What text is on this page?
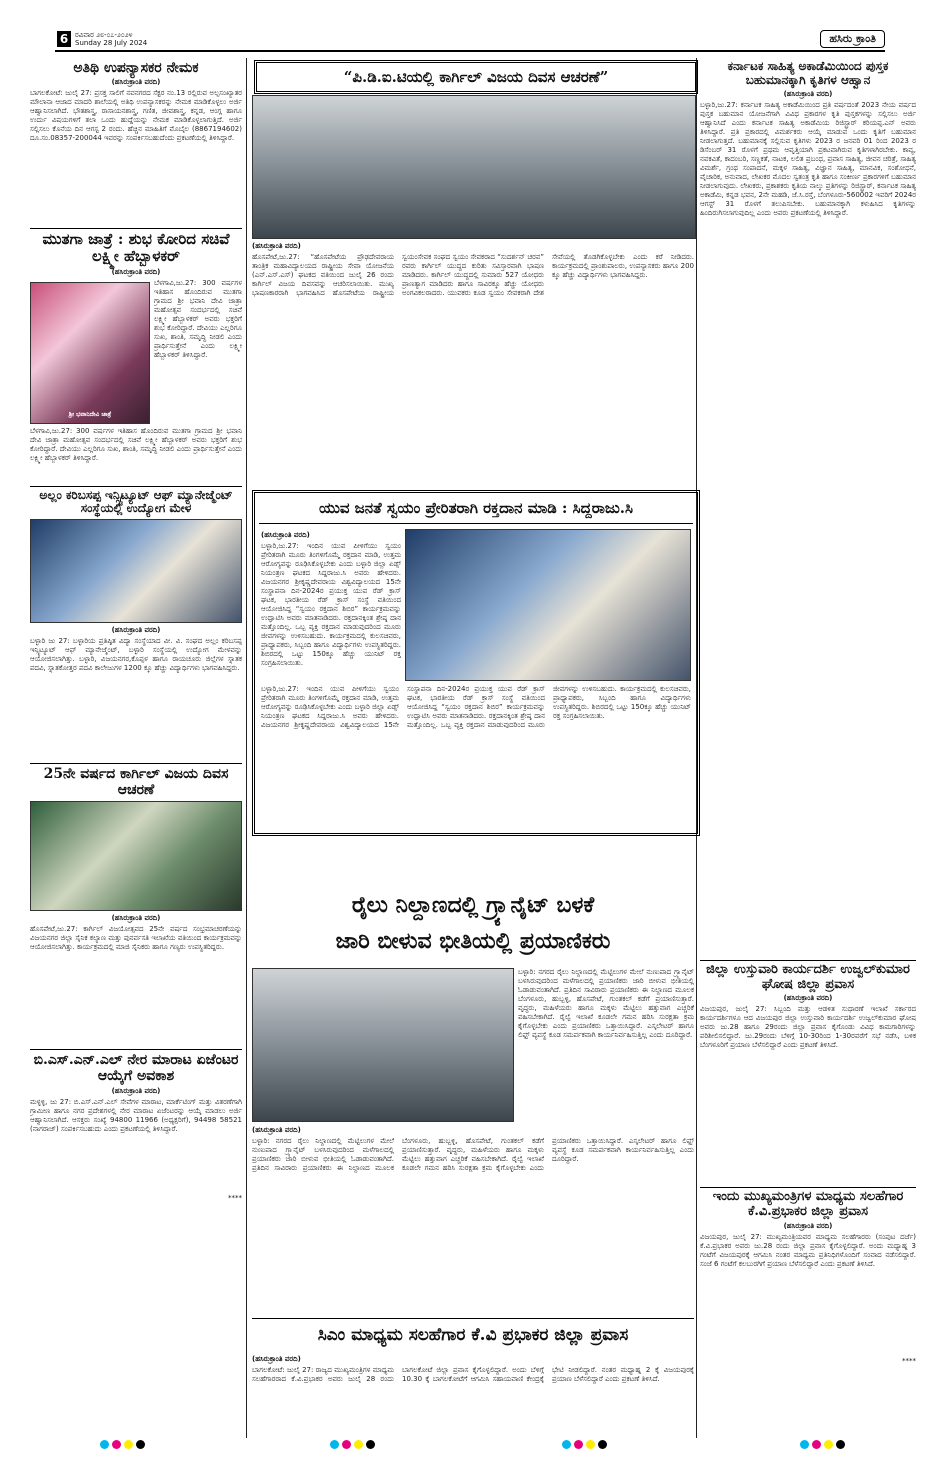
6 ರವಿವಾರ ೨೮-೦೭-೨೦೨೪
Sunday 28 July 2024	ಹಸಿರು ಕ್ರಾಂತಿ
ಅತಿಥಿ ಉಪನ್ಯಾಸಕರ ನೇಮಕ
(ಹಸಿರುಕ್ರಾಂತಿ ವರದಿ)

ಬಾಗಲಕೋಟೆ: ಜುಲೈ 27: ಪ್ರಸಕ್ತ ಸಾಲಿಗೆ ನವನಗರದ ಸೆಕ್ಟರ ನಂ.13 ರಲ್ಲಿರುವ ಅಲ್ಪಸಂಖ್ಯಾತರ ಮೌಲಾನಾ ಆಜಾದ ಮಾದರಿ ಶಾಲೆಯಲ್ಲಿ ಅತಿಥಿ ಉಪನ್ಯಾಸಕರನ್ನು ನೇಮಕ ಮಾಡಿಕೊಳ್ಳಲು ಅರ್ಜಿ ಆಹ್ವಾನಿಸಲಾಗಿದೆ. ಭೌತಶಾಸ್ತ್ರ, ರಾಸಾಯನಶಾಸ್ತ್ರ, ಗಣಿತ, ಜೀವಶಾಸ್ತ್ರ, ಕನ್ನಡ, ಆಂಗ್ಲ ಹಾಗೂ ಉರ್ದು ವಿಷಯಗಳಿಗೆ ತಲಾ ಒಂದು ಹುದ್ದೆಯನ್ನು ನೇಮಕ ಮಾಡಿಕೊಳ್ಳಲಾಗುತ್ತಿದೆ. ಅರ್ಜಿ ಸಲ್ಲಿಸಲು ಕೊನೆಯ ದಿನ ಆಗಸ್ಟ 2 ರಂದು. ಹೆಚ್ಚಿನ ಮಾಹಿತಿಗೆ ಮೊಬೈಲ (8867194602) ದೂ.ಸಂ.08357-200044 ಇವರನ್ನು ಸಂಪರ್ಕಿಸಬಹುದೆಂದು ಪ್ರಕಟಣೆಯಲ್ಲಿ ತಿಳಿಸಿದ್ದಾರೆ.

ಮುತಗಾ ಜಾತ್ರೆ : ಶುಭ ಕೋರಿದ ಸಚಿವೆ ಲಕ್ಷ್ಮೀ ಹೆಬ್ಬಾಳಕರ್
(ಹಸಿರುಕ್ರಾಂತಿ ವರದಿ)
ಶ್ರೀ ಭವಾನಿದೇವಿ ಜಾತ್ರೆ

ಬೆಳಗಾವಿ,ಜು.27: 300 ವರ್ಷಗಳ ಇತಿಹಾಸ ಹೊಂದಿರುವ ಮುತಗಾ ಗ್ರಾಮದ ಶ್ರೀ ಭವಾನಿ ದೇವಿ ಜಾತ್ರಾ ಮಹೋತ್ಸವ ಸಂದರ್ಭದಲ್ಲಿ ಸಚಿವೆ ಲಕ್ಷ್ಮೀ ಹೆಬ್ಬಾಳಕರ್ ಅವರು ಭಕ್ತರಿಗೆ ಶುಭ ಕೋರಿದ್ದಾರೆ. ದೇವಿಯು ಎಲ್ಲರಿಗೂ ಸುಖ, ಶಾಂತಿ, ಸಮೃದ್ಧಿ ನೀಡಲಿ ಎಂದು ಪ್ರಾರ್ಥಿಸುತ್ತೇನೆ ಎಂದು ಲಕ್ಷ್ಮೀ ಹೆಬ್ಬಾಳಕರ್ ತಿಳಿಸಿದ್ದಾರೆ.

ಬೆಳಗಾವಿ,ಜು.27: 300 ವರ್ಷಗಳ ಇತಿಹಾಸ ಹೊಂದಿರುವ ಮುತಗಾ ಗ್ರಾಮದ ಶ್ರೀ ಭವಾನಿ ದೇವಿ ಜಾತ್ರಾ ಮಹೋತ್ಸವ ಸಂದರ್ಭದಲ್ಲಿ ಸಚಿವೆ ಲಕ್ಷ್ಮೀ ಹೆಬ್ಬಾಳಕರ್ ಅವರು ಭಕ್ತರಿಗೆ ಶುಭ ಕೋರಿದ್ದಾರೆ. ದೇವಿಯು ಎಲ್ಲರಿಗೂ ಸುಖ, ಶಾಂತಿ, ಸಮೃದ್ಧಿ ನೀಡಲಿ ಎಂದು ಪ್ರಾರ್ಥಿಸುತ್ತೇನೆ ಎಂದು ಲಕ್ಷ್ಮೀ ಹೆಬ್ಬಾಳಕರ್ ತಿಳಿಸಿದ್ದಾರೆ.

ಅಲ್ಲಂ ಕರಿಬಸಪ್ಪ ಇನ್ಸ್ಟಿಟ್ಯೂಟ್ ಆಫ್ ಮ್ಯಾನೇಜ್ಮೆಂಟ್ ಸಂಸ್ಥೆಯಲ್ಲಿ ಉದ್ಯೋಗ ಮೇಳ
(ಹಸಿರುಕ್ರಾಂತಿ ವರದಿ)

ಬಳ್ಳಾರಿ ಜು 27: ಬಳ್ಳಾರಿಯ ಪ್ರತಿಷ್ಠಿತ ವಿದ್ಯಾ ಸಂಸ್ಥೆಯಾದ ವೀ. ವಿ. ಸಂಘದ ಅಲ್ಲಂ ಕರಿಬಸಪ್ಪ ಇನ್ಸ್ಟಿಟ್ಯೂಟ್ ಆಫ್ ಮ್ಯಾನೇಜ್ಮೆಂಟ್, ಬಳ್ಳಾರಿ ಸಂಸ್ಥೆಯಲ್ಲಿ ಉದ್ಯೋಗ ಮೇಳವನ್ನು ಆಯೋಜಿಸಲಾಗಿತ್ತು. ಬಳ್ಳಾರಿ, ವಿಜಯನಗರ,ಕೊಪ್ಪಳ ಹಾಗೂ ರಾಯಚೂರು ಜಿಲ್ಲೆಗಳ ಸ್ನಾತಕ ಪದವಿ, ಸ್ನಾತಕೋತ್ತರ ಪದವಿ ಕಾಲೇಜುಗಳ 1200 ಕ್ಕೂ ಹೆಚ್ಚು ವಿದ್ಯಾರ್ಥಿಗಳು ಭಾಗವಹಿಸಿದ್ದರು.

25ನೇ ವರ್ಷದ ಕಾರ್ಗಿಲ್ ವಿಜಯ ದಿವಸ ಆಚರಣೆ
(ಹಸಿರುಕ್ರಾಂತಿ ವರದಿ)

ಹೊಸಪೇಟೆ,ಜು.27: ಕಾರ್ಗಿಲ್ ವಿಜಯೋತ್ಸವದ 25ನೇ ವರ್ಷದ ಸಂಭ್ರಮಾಚರಣೆಯನ್ನು ವಿಜಯನಗರ ಜಿಲ್ಲಾ ಸೈನಿಕ ಕಲ್ಯಾಣ ಮತ್ತು ಪುನರ್ವಸತಿ ಇಲಾಖೆಯ ವತಿಯಿಂದ ಕಾರ್ಯಕ್ರಮವನ್ನು ಆಯೋಜಿಸಲಾಗಿತ್ತು. ಕಾರ್ಯಕ್ರಮದಲ್ಲಿ ಮಾಜಿ ಸೈನಿಕರು ಹಾಗೂ ಗಣ್ಯರು ಉಪಸ್ಥಿತರಿದ್ದರು.

ಬಿ.ಎಸ್.ಎನ್.ಎಲ್ ನೇರ ಮಾರಾಟ ಏಜೆಂಟರ ಆಯ್ಕೆಗೆ ಅವಕಾಶ
(ಹಸಿರುಕ್ರಾಂತಿ ವರದಿ)

ಮಳ್ಳಳ್ಳಿ, ಜು 27: ಬಿ.ಎಸ್.ಎನ್.ಎಲ್ ಸೇವೆಗಳ ಮಾರಾಟ, ಮಾರ್ಕೆಟಿಂಗ್ ಮತ್ತು ವಿತರಣೆಗಾಗಿ ಗ್ರಾಮೀಣ ಹಾಗೂ ನಗರ ಪ್ರದೇಶಗಳಲ್ಲಿ ನೇರ ಮಾರಾಟ ಏಜೆಂಟರನ್ನು ಆಯ್ಕೆ ಮಾಡಲು ಅರ್ಜಿ ಆಹ್ವಾನಿಸಲಾಗಿದೆ. ಆಸಕ್ತರು ಸಂಖ್ಯೆ 94800 11966 (ಅಧ್ಯಕ್ಷರಿಗೆ), 94498 58521 (ನಾಗರಾಜ್) ಸಂಪರ್ಕಿಸಬಹುದು ಎಂದು ಪ್ರಕಟಣೆಯಲ್ಲಿ ತಿಳಿಸಿದ್ದಾರೆ.

****
“ಪಿ.ಡಿ.ಐ.ಟಿಯಲ್ಲಿ ಕಾರ್ಗಿಲ್ ವಿಜಯ ದಿವಸ ಆಚರಣೆ”
(ಹಸಿರುಕ್ರಾಂತಿ ವರದಿ)

ಹೊಸಪೇಟೆ,ಜು.27: “ಹೊಸಪೇಟೆಯ ಪ್ರೌಢದೇವರಾಯ ತಾಂತ್ರಿಕ ಮಹಾವಿದ್ಯಾಲಯದ ರಾಷ್ಟ್ರೀಯ ಸೇವಾ ಯೋಜನೆಯ (ಎನ್.ಎಸ್.ಎಸ್) ಘಟಕದ ವತಿಯಿಂದ ಜುಲೈ 26 ರಂದು ಕಾರ್ಗಿಲ್ ವಿಜಯ ದಿವಸವನ್ನು ಆಚರಿಸಲಾಯಿತು. ಮುಖ್ಯ ಭಾಷಣಕಾರರಾಗಿ ಭಾಗವಹಿಸಿದ ಹೊಸಪೇಟೆಯ ರಾಷ್ಟ್ರೀಯ ಸ್ವಯಂಸೇವಕ ಸಂಘದ ಸ್ವಯಂ ಸೇವಕರಾದ “ಸುದರ್ಶನ್ ಚರವ” ರವರು ಕಾರ್ಗಿಲ್ ಯುದ್ಧದ ಕುರಿತು ಸವಿಸ್ತಾರವಾಗಿ ಭಾಷಣ ಮಾಡಿದರು. ಕಾರ್ಗಿಲ್ ಯುದ್ಧದಲ್ಲಿ ಸುಮಾರು 527 ಯೋಧರು ಪ್ರಾಣತ್ಯಾಗ ಮಾಡಿದರು ಹಾಗೂ ಸಾವಿರಕ್ಕೂ ಹೆಚ್ಚು ಯೋಧರು ಅಂಗವಿಕಲರಾದರು. ಯುವಕರು ಕೂಡ ಸ್ವಯಂ ಸೇವಕರಾಗಿ ದೇಶ ಸೇವೆಯಲ್ಲಿ ತೊಡಗಿಕೊಳ್ಳಬೇಕು ಎಂದು ಕರೆ ನೀಡಿದರು. ಕಾರ್ಯಕ್ರಮದಲ್ಲಿ ಪ್ರಾಂಶುಪಾಲರು, ಉಪನ್ಯಾಸಕರು ಹಾಗೂ 200 ಕ್ಕೂ ಹೆಚ್ಚು ವಿದ್ಯಾರ್ಥಿಗಳು ಭಾಗವಹಿಸಿದ್ದರು.

ಯುವ ಜನತೆ ಸ್ವಯಂ ಪ್ರೇರಿತರಾಗಿ ರಕ್ತದಾನ ಮಾಡಿ : ಸಿದ್ದರಾಜು.ಸಿ
(ಹಸಿರುಕ್ರಾಂತಿ ವರದಿ)

ಬಳ್ಳಾರಿ,ಜು.27: ಇಂದಿನ ಯುವ ಪೀಳಿಗೆಯು ಸ್ವಯಂ ಪ್ರೇರಿತರಾಗಿ ಮೂರು ತಿಂಗಳಿಗೊಮ್ಮೆ ರಕ್ತದಾನ ಮಾಡಿ, ಉತ್ತಮ ಆರೋಗ್ಯವನ್ನು ರೂಢಿಸಿಕೊಳ್ಳಬೇಕು ಎಂದು ಬಳ್ಳಾರಿ ಜಿಲ್ಲಾ ಏಡ್ಸ್ ನಿಯಂತ್ರಣ ಘಟಕದ ಸಿದ್ದರಾಜು.ಸಿ ಅವರು ಹೇಳಿದರು. ವಿಜಯನಗರ ಶ್ರೀಕೃಷ್ಣದೇವರಾಯ ವಿಶ್ವವಿದ್ಯಾಲಯದ 15ನೇ ಸಂಸ್ಥಾಪನಾ ದಿನ-2024ರ ಪ್ರಯುಕ್ತ ಯುವ ರೆಡ್ ಕ್ರಾಸ್ ಘಟಕ, ಭಾರತೀಯ ರೆಡ್ ಕ್ರಾಸ್ ಸಂಸ್ಥೆ ವತಿಯಿಂದ ಆಯೋಜಿಸಿದ್ದ “ಸ್ವಯಂ ರಕ್ತದಾನ ಶಿಬಿರ” ಕಾರ್ಯಕ್ರಮವನ್ನು ಉದ್ಘಾಟಿಸಿ ಅವರು ಮಾತನಾಡಿದರು. ರಕ್ತದಾನಕ್ಕಿಂತ ಶ್ರೇಷ್ಠ ದಾನ ಮತ್ತೊಂದಿಲ್ಲ. ಒಬ್ಬ ವ್ಯಕ್ತಿ ರಕ್ತದಾನ ಮಾಡುವುದರಿಂದ ಮೂರು ಜೀವಗಳನ್ನು ಉಳಿಸಬಹುದು. ಕಾರ್ಯಕ್ರಮದಲ್ಲಿ ಕುಲಸಚಿವರು, ಪ್ರಾಧ್ಯಾಪಕರು, ಸಿಬ್ಬಂದಿ ಹಾಗೂ ವಿದ್ಯಾರ್ಥಿಗಳು ಉಪಸ್ಥಿತರಿದ್ದರು. ಶಿಬಿರದಲ್ಲಿ ಒಟ್ಟು 150ಕ್ಕೂ ಹೆಚ್ಚು ಯುನಿಟ್ ರಕ್ತ ಸಂಗ್ರಹಿಸಲಾಯಿತು.

ಬಳ್ಳಾರಿ,ಜು.27: ಇಂದಿನ ಯುವ ಪೀಳಿಗೆಯು ಸ್ವಯಂ ಪ್ರೇರಿತರಾಗಿ ಮೂರು ತಿಂಗಳಿಗೊಮ್ಮೆ ರಕ್ತದಾನ ಮಾಡಿ, ಉತ್ತಮ ಆರೋಗ್ಯವನ್ನು ರೂಢಿಸಿಕೊಳ್ಳಬೇಕು ಎಂದು ಬಳ್ಳಾರಿ ಜಿಲ್ಲಾ ಏಡ್ಸ್ ನಿಯಂತ್ರಣ ಘಟಕದ ಸಿದ್ದರಾಜು.ಸಿ ಅವರು ಹೇಳಿದರು. ವಿಜಯನಗರ ಶ್ರೀಕೃಷ್ಣದೇವರಾಯ ವಿಶ್ವವಿದ್ಯಾಲಯದ 15ನೇ ಸಂಸ್ಥಾಪನಾ ದಿನ-2024ರ ಪ್ರಯುಕ್ತ ಯುವ ರೆಡ್ ಕ್ರಾಸ್ ಘಟಕ, ಭಾರತೀಯ ರೆಡ್ ಕ್ರಾಸ್ ಸಂಸ್ಥೆ ವತಿಯಿಂದ ಆಯೋಜಿಸಿದ್ದ “ಸ್ವಯಂ ರಕ್ತದಾನ ಶಿಬಿರ” ಕಾರ್ಯಕ್ರಮವನ್ನು ಉದ್ಘಾಟಿಸಿ ಅವರು ಮಾತನಾಡಿದರು. ರಕ್ತದಾನಕ್ಕಿಂತ ಶ್ರೇಷ್ಠ ದಾನ ಮತ್ತೊಂದಿಲ್ಲ. ಒಬ್ಬ ವ್ಯಕ್ತಿ ರಕ್ತದಾನ ಮಾಡುವುದರಿಂದ ಮೂರು ಜೀವಗಳನ್ನು ಉಳಿಸಬಹುದು. ಕಾರ್ಯಕ್ರಮದಲ್ಲಿ ಕುಲಸಚಿವರು, ಪ್ರಾಧ್ಯಾಪಕರು, ಸಿಬ್ಬಂದಿ ಹಾಗೂ ವಿದ್ಯಾರ್ಥಿಗಳು ಉಪಸ್ಥಿತರಿದ್ದರು. ಶಿಬಿರದಲ್ಲಿ ಒಟ್ಟು 150ಕ್ಕೂ ಹೆಚ್ಚು ಯುನಿಟ್ ರಕ್ತ ಸಂಗ್ರಹಿಸಲಾಯಿತು.

ರೈಲು ನಿಲ್ದಾಣದಲ್ಲಿ ಗ್ರ್ಯಾನೈಟ್ ಬಳಕೆ
ಜಾರಿ ಬೀಳುವ ಭೀತಿಯಲ್ಲಿ ಪ್ರಯಾಣಿಕರು

ಬಳ್ಳಾರಿ: ನಗರದ ರೈಲು ನಿಲ್ದಾಣದಲ್ಲಿ ಮೆಟ್ಟಿಲುಗಳ ಮೇಲೆ ನುಣುಪಾದ ಗ್ರ್ಯಾನೈಟ್ ಬಳಸಿರುವುದರಿಂದ ಮಳೆಗಾಲದಲ್ಲಿ ಪ್ರಯಾಣಿಕರು ಜಾರಿ ಬೀಳುವ ಭೀತಿಯಲ್ಲಿ ಓಡಾಡುವಂತಾಗಿದೆ. ಪ್ರತಿದಿನ ಸಾವಿರಾರು ಪ್ರಯಾಣಿಕರು ಈ ನಿಲ್ದಾಣದ ಮೂಲಕ ಬೆಂಗಳೂರು, ಹುಬ್ಬಳ್ಳಿ, ಹೊಸಪೇಟೆ, ಗುಂತಕಲ್ ಕಡೆಗೆ ಪ್ರಯಾಣಿಸುತ್ತಾರೆ. ವೃದ್ಧರು, ಮಹಿಳೆಯರು ಹಾಗೂ ಮಕ್ಕಳು ಮೆಟ್ಟಿಲು ಹತ್ತುವಾಗ ಎಚ್ಚರಿಕೆ ವಹಿಸಬೇಕಾಗಿದೆ. ರೈಲ್ವೆ ಇಲಾಖೆ ಕೂಡಲೇ ಗಮನ ಹರಿಸಿ ಸುರಕ್ಷತಾ ಕ್ರಮ ಕೈಗೊಳ್ಳಬೇಕು ಎಂದು ಪ್ರಯಾಣಿಕರು ಒತ್ತಾಯಿಸಿದ್ದಾರೆ. ಎಸ್ಕಲೇಟರ್ ಹಾಗೂ ಲಿಫ್ಟ್ ವ್ಯವಸ್ಥೆ ಕೂಡ ಸಮರ್ಪಕವಾಗಿ ಕಾರ್ಯನಿರ್ವಹಿಸುತ್ತಿಲ್ಲ ಎಂದು ದೂರಿದ್ದಾರೆ.

(ಹಸಿರುಕ್ರಾಂತಿ ವರದಿ)

ಬಳ್ಳಾರಿ: ನಗರದ ರೈಲು ನಿಲ್ದಾಣದಲ್ಲಿ ಮೆಟ್ಟಿಲುಗಳ ಮೇಲೆ ನುಣುಪಾದ ಗ್ರ್ಯಾನೈಟ್ ಬಳಸಿರುವುದರಿಂದ ಮಳೆಗಾಲದಲ್ಲಿ ಪ್ರಯಾಣಿಕರು ಜಾರಿ ಬೀಳುವ ಭೀತಿಯಲ್ಲಿ ಓಡಾಡುವಂತಾಗಿದೆ. ಪ್ರತಿದಿನ ಸಾವಿರಾರು ಪ್ರಯಾಣಿಕರು ಈ ನಿಲ್ದಾಣದ ಮೂಲಕ ಬೆಂಗಳೂರು, ಹುಬ್ಬಳ್ಳಿ, ಹೊಸಪೇಟೆ, ಗುಂತಕಲ್ ಕಡೆಗೆ ಪ್ರಯಾಣಿಸುತ್ತಾರೆ. ವೃದ್ಧರು, ಮಹಿಳೆಯರು ಹಾಗೂ ಮಕ್ಕಳು ಮೆಟ್ಟಿಲು ಹತ್ತುವಾಗ ಎಚ್ಚರಿಕೆ ವಹಿಸಬೇಕಾಗಿದೆ. ರೈಲ್ವೆ ಇಲಾಖೆ ಕೂಡಲೇ ಗಮನ ಹರಿಸಿ ಸುರಕ್ಷತಾ ಕ್ರಮ ಕೈಗೊಳ್ಳಬೇಕು ಎಂದು ಪ್ರಯಾಣಿಕರು ಒತ್ತಾಯಿಸಿದ್ದಾರೆ. ಎಸ್ಕಲೇಟರ್ ಹಾಗೂ ಲಿಫ್ಟ್ ವ್ಯವಸ್ಥೆ ಕೂಡ ಸಮರ್ಪಕವಾಗಿ ಕಾರ್ಯನಿರ್ವಹಿಸುತ್ತಿಲ್ಲ ಎಂದು ದೂರಿದ್ದಾರೆ.

ಸಿಎಂ ಮಾಧ್ಯಮ ಸಲಹೆಗಾರ ಕೆ.ವಿ ಪ್ರಭಾಕರ ಜಿಲ್ಲಾ ಪ್ರವಾಸ
(ಹಸಿರುಕ್ರಾಂತಿ ವರದಿ)

ಬಾಗಲಕೋಟೆ: ಜುಲೈ 27: ರಾಜ್ಯದ ಮುಖ್ಯಮಂತ್ರಿಗಳ ಮಾಧ್ಯಮ ಸಲಹೆಗಾರರಾದ ಕೆ.ವಿ.ಪ್ರಭಾಕರ ಅವರು ಜುಲೈ 28 ರಂದು ಬಾಗಲಕೋಟೆ ಜಿಲ್ಲಾ ಪ್ರವಾಸ ಕೈಗೊಳ್ಳಲಿದ್ದಾರೆ. ಅಂದು ಬೆಳಿಗ್ಗೆ 10.30 ಕ್ಕೆ ಬಾಗಲಕೋಟೆಗೆ ಆಗಮಿಸಿ ಸಹಾಯವಾಣಿ ಕೇಂದ್ರಕ್ಕೆ ಭೇಟಿ ನೀಡಲಿದ್ದಾರೆ. ನಂತರ ಮಧ್ಯಾಹ್ನ 2 ಕ್ಕೆ ವಿಜಯಪುರಕ್ಕೆ ಪ್ರಯಾಣ ಬೆಳೆಸಲಿದ್ದಾರೆ ಎಂದು ಪ್ರಕಟಣೆ ತಿಳಿಸಿದೆ.

ಕರ್ನಾಟಕ ಸಾಹಿತ್ಯ ಅಕಾಡೆಮಿಯಿಂದ ಪುಸ್ತಕ ಬಹುಮಾನಕ್ಕಾಗಿ ಕೃತಿಗಳ ಆಹ್ವಾನ
(ಹಸಿರುಕ್ರಾಂತಿ ವರದಿ)

ಬಳ್ಳಾರಿ,ಜು.27: ಕರ್ನಾಟಕ ಸಾಹಿತ್ಯ ಅಕಾಡೆಮಿಯಿಂದ ಪ್ರತಿ ವರ್ಷದಂತೆ 2023 ನೇಯ ವರ್ಷದ ಪುಸ್ತಕ ಬಹುಮಾನ ಯೋಜನೆಗಾಗಿ ವಿವಿಧ ಪ್ರಕಾರಗಳ ಕೃತಿ ಪುಸ್ತಕಗಳನ್ನು ಸಲ್ಲಿಸಲು ಅರ್ಜಿ ಆಹ್ವಾನಿಸಿದೆ ಎಂದು ಕರ್ನಾಟಕ ಸಾಹಿತ್ಯ ಅಕಾಡೆಮಿಯ ರಿಜಿಸ್ಟ್ರಾರ್ ಕರಿಯಪ್ಪ.ಎನ್ ಅವರು ತಿಳಿಸಿದ್ದಾರೆ. ಪ್ರತಿ ಪ್ರಕಾರದಲ್ಲಿ ವಿಮರ್ಶಕರು ಆಯ್ಕೆ ಮಾಡುವ ಒಂದು ಕೃತಿಗೆ ಬಹುಮಾನ ನೀಡಲಾಗುತ್ತದೆ. ಬಹುಮಾನಕ್ಕೆ ಸಲ್ಲಿಸುವ ಕೃತಿಗಳು 2023 ರ ಜನವರಿ 01 ರಿಂದ 2023 ರ ಡಿಸೆಂಬರ್ 31 ರೊಳಗೆ ಪ್ರಥಮ ಆವೃತ್ತಿಯಾಗಿ ಪ್ರಕಟವಾಗಿರುವ ಕೃತಿಗಳಾಗಿರಬೇಕು. ಕಾವ್ಯ, ನವಕವಿತೆ, ಕಾದಂಬರಿ, ಸಣ್ಣಕತೆ, ನಾಟಕ, ಲಲಿತ ಪ್ರಬಂಧ, ಪ್ರವಾಸ ಸಾಹಿತ್ಯ, ಜೀವನ ಚರಿತ್ರೆ, ಸಾಹಿತ್ಯ ವಿಮರ್ಶೆ, ಗ್ರಂಥ ಸಂಪಾದನೆ, ಮಕ್ಕಳ ಸಾಹಿತ್ಯ, ವಿಜ್ಞಾನ ಸಾಹಿತ್ಯ, ಮಾನವಿಕ, ಸಂಶೋಧನೆ, ವೈಚಾರಿಕ, ಅನುವಾದ, ಲೇಖಕರ ಮೊದಲ ಸ್ವತಂತ್ರ ಕೃತಿ ಹಾಗೂ ಸಂಕೀರ್ಣ ಪ್ರಕಾರಗಳಿಗೆ ಬಹುಮಾನ ನೀಡಲಾಗುವುದು. ಲೇಖಕರು, ಪ್ರಕಾಶಕರು ಕೃತಿಯ ನಾಲ್ಕು ಪ್ರತಿಗಳನ್ನು ರಿಜಿಸ್ಟ್ರಾರ್, ಕರ್ನಾಟಕ ಸಾಹಿತ್ಯ ಅಕಾಡೆಮಿ, ಕನ್ನಡ ಭವನ, 2ನೇ ಮಹಡಿ, ಜೆ.ಸಿ.ರಸ್ತೆ, ಬೆಂಗಳೂರು-560002 ಇವರಿಗೆ 2024ರ ಆಗಸ್ಟ್ 31 ರೊಳಗೆ ತಲುಪಿಸಬೇಕು. ಬಹುಮಾನಕ್ಕಾಗಿ ಕಳುಹಿಸಿದ ಕೃತಿಗಳನ್ನು ಹಿಂದಿರುಗಿಸಲಾಗುವುದಿಲ್ಲ ಎಂದು ಅವರು ಪ್ರಕಟಣೆಯಲ್ಲಿ ತಿಳಿಸಿದ್ದಾರೆ.

ಜಿಲ್ಲಾ ಉಸ್ತುವಾರಿ ಕಾರ್ಯದರ್ಶಿ ಉಜ್ವಲ್‌ಕುಮಾರ ಘೋಷ ಜಿಲ್ಲಾ ಪ್ರವಾಸ
(ಹಸಿರುಕ್ರಾಂತಿ ವರದಿ)

ವಿಜಯಪುರ, ಜುಲೈ 27: ಸಿಬ್ಬಂದಿ ಮತ್ತು ಆಡಳಿತ ಸುಧಾರಣೆ ಇಲಾಖೆ ಸರ್ಕಾರದ ಕಾರ್ಯದರ್ಶಿಗಳೂ ಆದ ವಿಜಯಪುರ ಜಿಲ್ಲಾ ಉಸ್ತುವಾರಿ ಕಾರ್ಯದರ್ಶಿ ಉಜ್ವಲ್‌ಕುಮಾರ ಘೋಷ ಅವರು ಜು.28 ಹಾಗೂ 29ರಂದು ಜಿಲ್ಲಾ ಪ್ರವಾಸ ಕೈಗೊಂಡು ವಿವಿಧ ಕಾಮಗಾರಿಗಳನ್ನು ಪರಿಶೀಲಿಸಲಿದ್ದಾರೆ. ಜು.29ರಂದು ಬೆಳಿಗ್ಗೆ 10-30ರಿಂದ 1-30ರವರೆಗೆ ಸಭೆ ನಡೆಸಿ, ಬಳಿಕ ಬೆಂಗಳೂರಿಗೆ ಪ್ರಯಾಣ ಬೆಳೆಸಲಿದ್ದಾರೆ ಎಂದು ಪ್ರಕಟಣೆ ತಿಳಿಸಿದೆ.

ಇಂದು ಮುಖ್ಯಮಂತ್ರಿಗಳ ಮಾಧ್ಯಮ ಸಲಹೆಗಾರ ಕೆ.ವಿ.ಪ್ರಭಾಕರ ಜಿಲ್ಲಾ ಪ್ರವಾಸ
(ಹಸಿರುಕ್ರಾಂತಿ ವರದಿ)

ವಿಜಯಪುರ, ಜುಲೈ 27: ಮುಖ್ಯಮಂತ್ರಿಯವರ ಮಾಧ್ಯಮ ಸಲಹೆಗಾರರು (ಸಂಪುಟ ದರ್ಜೆ) ಕೆ.ವಿ.ಪ್ರಭಾಕರ ಅವರು ಜು.28 ರಂದು ಜಿಲ್ಲಾ ಪ್ರವಾಸ ಕೈಗೊಳ್ಳಲಿದ್ದಾರೆ. ಅಂದು ಮಧ್ಯಾಹ್ನ 3 ಗಂಟೆಗೆ ವಿಜಯಪುರಕ್ಕೆ ಆಗಮಿಸಿ ನಂತರ ಮಾಧ್ಯಮ ಪ್ರತಿನಿಧಿಗಳೊಂದಿಗೆ ಸಂವಾದ ನಡೆಸಲಿದ್ದಾರೆ. ಸಂಜೆ 6 ಗಂಟೆಗೆ ಕಲಬುರಗಿಗೆ ಪ್ರಯಾಣ ಬೆಳೆಸಲಿದ್ದಾರೆ ಎಂದು ಪ್ರಕಟಣೆ ತಿಳಿಸಿದೆ.

****
